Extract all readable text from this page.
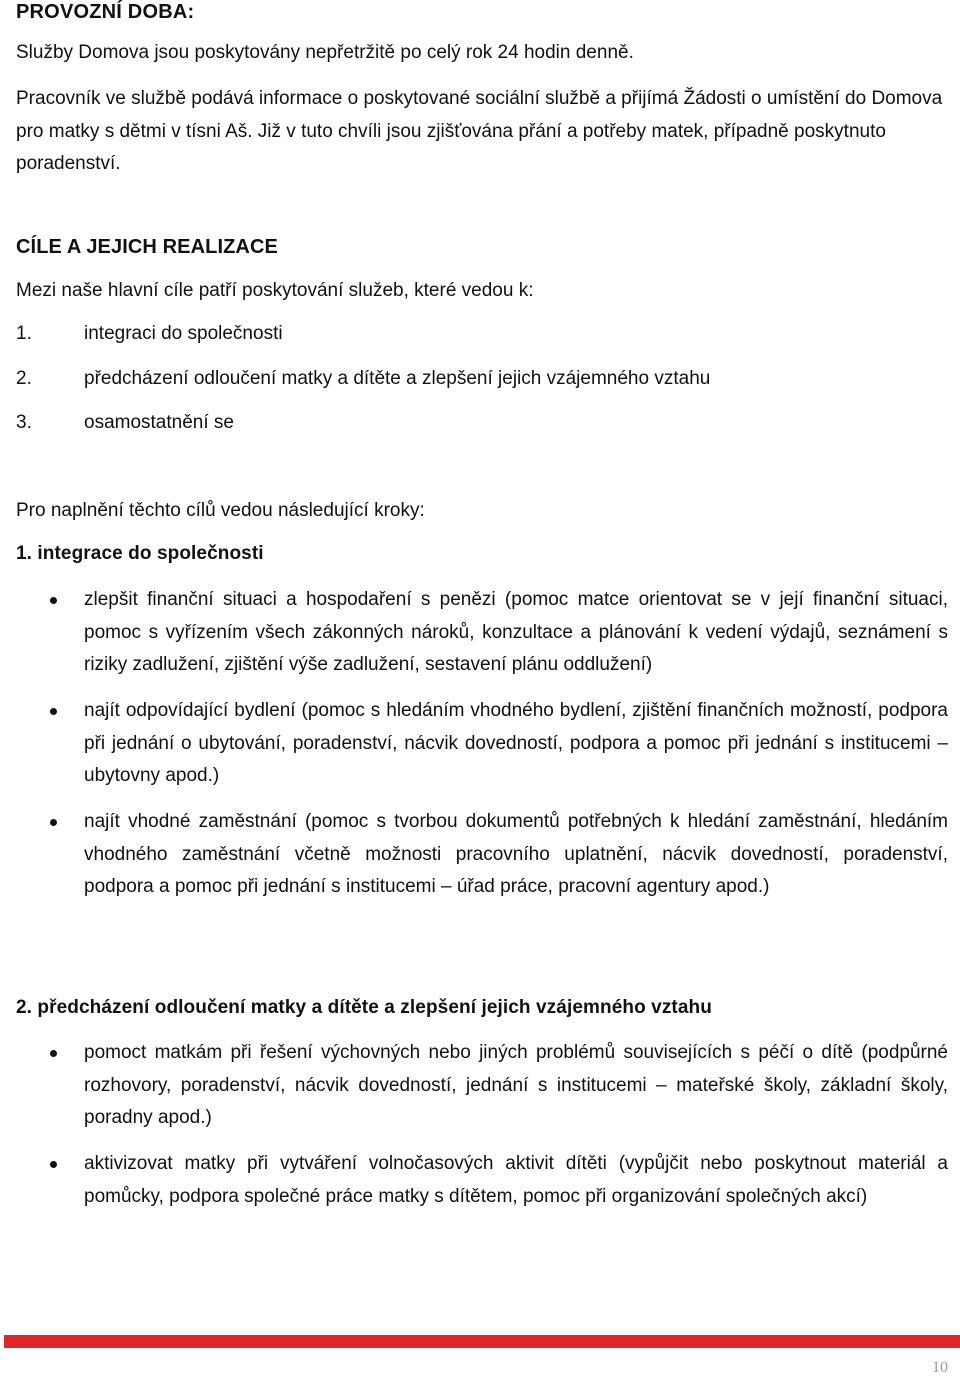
PROVOZNÍ DOBA:

Služby Domova jsou poskytovány nepřetržitě po celý rok 24 hodin denně.

Pracovník ve službě podává informace o poskytované sociální službě a přijímá Žádosti o umístění do Domova pro matky s dětmi v tísni Aš. Již v tuto chvíli jsou zjišťována přání a potřeby matek, případně poskytnuto poradenství.

CÍLE A JEJICH REALIZACE

Mezi naše hlavní cíle patří poskytování služeb, které vedou k:

1.	integraci do společnosti
2.	předcházení odloučení matky a dítěte a zlepšení jejich vzájemného vztahu
3.	osamostatnění se

Pro naplnění těchto cílů vedou následující kroky:

1. integrace do společnosti

zlepšit finanční situaci a hospodaření s penězi (pomoc matce orientovat se v její finanční situaci, pomoc s vyřízením všech zákonných nároků, konzultace a plánování k vedení výdajů, seznámení s riziky zadlužení, zjištění výše zadlužení, sestavení plánu oddlužení)

najít odpovídající bydlení (pomoc s hledáním vhodného bydlení, zjištění finančních možností, podpora při jednání o ubytování, poradenství, nácvik dovedností, podpora a pomoc při jednání s institucemi – ubytovny apod.)

najít vhodné zaměstnání (pomoc s tvorbou dokumentů potřebných k hledání zaměstnání, hledáním vhodného zaměstnání včetně možnosti pracovního uplatnění, nácvik dovedností, poradenství, podpora a pomoc při jednání s institucemi – úřad práce, pracovní agentury apod.)

2. předcházení odloučení matky a dítěte a zlepšení jejich vzájemného vztahu

pomoct matkám při řešení výchovných nebo jiných problémů souvisejících s péčí o dítě (podpůrné rozhovory, poradenství, nácvik dovedností, jednání s institucemi – mateřské školy, základní školy, poradny apod.)

aktivizovat matky při vytváření volnočasových aktivit dítěti (vypůjčit nebo poskytnout materiál a pomůcky, podpora společné práce matky s dítětem, pomoc při organizování společných akcí)

10
